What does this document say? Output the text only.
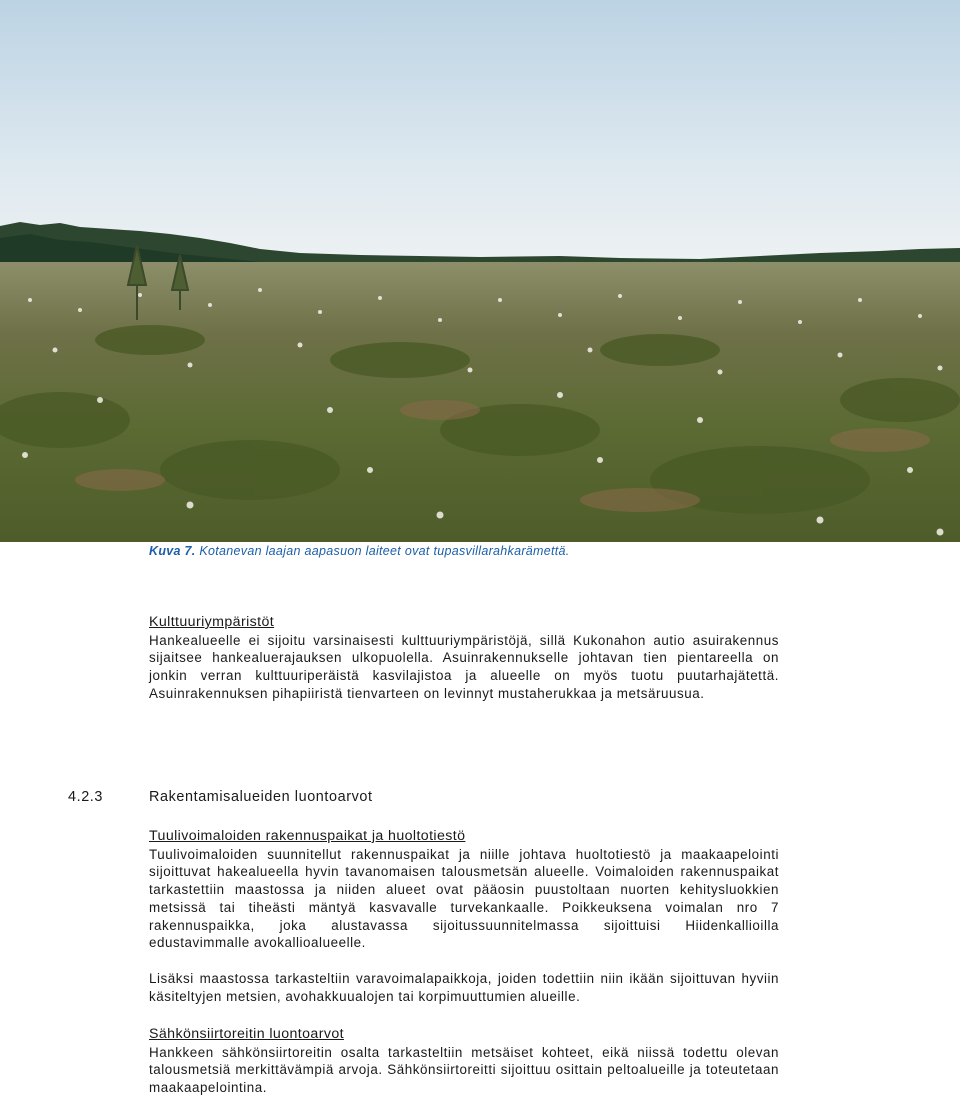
Kuva 7. Kotanevan laajan aapasuon laiteet ovat tupasvillarahkarämettä.
Kulttuuriympäristöt

Hankealueelle ei sijoitu varsinaisesti kulttuuriympäristöjä, sillä Kukonahon autio asuirakennus sijaitsee hankealuerajauksen ulkopuolella. Asuinrakennukselle johtavan tien pientareella on jonkin verran kulttuuriperäistä kasvilajistoa ja alueelle on myös tuotu puutarhajätettä. Asuinrakennuksen pihapiiristä tienvarteen on levinnyt mustaherukkaa ja metsäruusua.

4.2.3	Rakentamisalueiden luontoarvot
Tuulivoimaloiden rakennuspaikat ja huoltotiestö

Tuulivoimaloiden suunnitellut rakennuspaikat ja niille johtava huoltotiestö ja maakaapelointi sijoittuvat hakealueella hyvin tavanomaisen talousmetsän alueelle. Voimaloiden rakennuspaikat tarkastettiin maastossa ja niiden alueet ovat pääosin puustoltaan nuorten kehitysluokkien metsissä tai tiheästi mäntyä kasvavalle turvekankaalle. Poikkeuksena voimalan nro 7 rakennuspaikka, joka alustavassa sijoitussuunnitelmassa sijoittuisi Hiidenkallioilla edustavimmalle avokallioalueelle.

Lisäksi maastossa tarkasteltiin varavoimalapaikkoja, joiden todettiin niin ikään sijoittuvan hyviin käsiteltyjen metsien, avohakkuualojen tai korpimuuttumien alueille.

Sähkönsiirtoreitin luontoarvot

Hankkeen sähkönsiirtoreitin osalta tarkasteltiin metsäiset kohteet, eikä niissä todettu olevan talousmetsiä merkittävämpiä arvoja. Sähkönsiirtoreitti sijoittuu osittain peltoalueille ja toteutetaan maakaapelointina.
